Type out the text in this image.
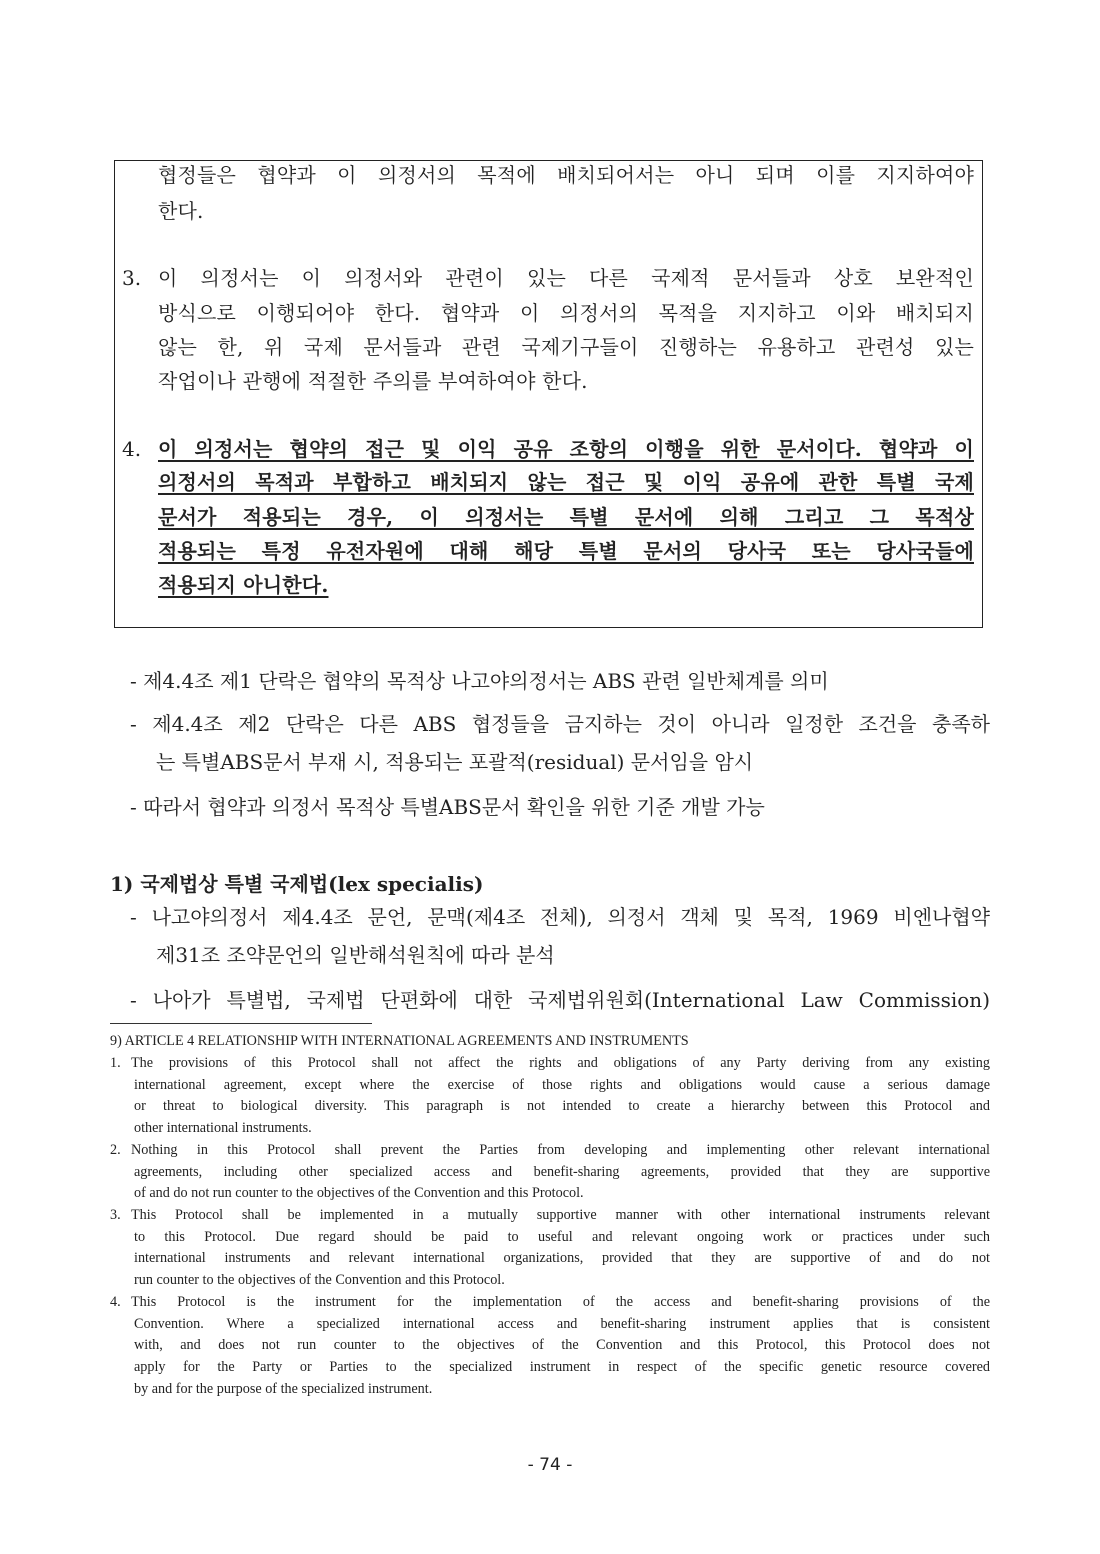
협정들은 협약과 이 의정서의 목적에 배치되어서는 아니 되며 이를 지지하여야
한다.
3. 이 의정서는 이 의정서와 관련이 있는 다른 국제적 문서들과 상호 보완적인
방식으로 이행되어야 한다. 협약과 이 의정서의 목적을 지지하고 이와 배치되지
않는 한, 위 국제 문서들과 관련 국제기구들이 진행하는 유용하고 관련성 있는
작업이나 관행에 적절한 주의를 부여하여야 한다.
4. 이 의정서는 협약의 접근 및 이익 공유 조항의 이행을 위한 문서이다. 협약과 이
의정서의 목적과 부합하고 배치되지 않는 접근 및 이익 공유에 관한 특별 국제
문서가 적용되는 경우, 이 의정서는 특별 문서에 의해 그리고 그 목적상
적용되는 특정 유전자원에 대해 해당 특별 문서의 당사국 또는 당사국들에
적용되지 아니한다.
- 제4.4조 제1 단락은 협약의 목적상 나고야의정서는 ABS 관련 일반체계를 의미
- 제4.4조 제2 단락은 다른 ABS 협정들을 금지하는 것이 아니라 일정한 조건을 충족하
는 특별ABS문서 부재 시, 적용되는 포괄적(residual) 문서임을 암시
- 따라서 협약과 의정서 목적상 특별ABS문서 확인을 위한 기준 개발 가능
1) 국제법상 특별 국제법(lex specialis)
- 나고야의정서 제4.4조 문언, 문맥(제4조 전체), 의정서 객체 및 목적, 1969 비엔나협약
제31조 조약문언의 일반해석원칙에 따라 분석
- 나아가 특별법, 국제법 단편화에 대한 국제법위원회(International Law Commission)
9) ARTICLE 4 RELATIONSHIP WITH INTERNATIONAL AGREEMENTS AND INSTRUMENTS
1. The provisions of this Protocol shall not affect the rights and obligations of any Party deriving from any existing
international agreement, except where the exercise of those rights and obligations would cause a serious damage
or threat to biological diversity. This paragraph is not intended to create a hierarchy between this Protocol and
other international instruments.
2. Nothing in this Protocol shall prevent the Parties from developing and implementing other relevant international
agreements, including other specialized access and benefit-sharing agreements, provided that they are supportive
of and do not run counter to the objectives of the Convention and this Protocol.
3. This Protocol shall be implemented in a mutually supportive manner with other international instruments relevant
to this Protocol. Due regard should be paid to useful and relevant ongoing work or practices under such
international instruments and relevant international organizations, provided that they are supportive of and do not
run counter to the objectives of the Convention and this Protocol.
4. This Protocol is the instrument for the implementation of the access and benefit-sharing provisions of the
Convention. Where a specialized international access and benefit-sharing instrument applies that is consistent
with, and does not run counter to the objectives of the Convention and this Protocol, this Protocol does not
apply for the Party or Parties to the specialized instrument in respect of the specific genetic resource covered
by and for the purpose of the specialized instrument.
- 74 -
